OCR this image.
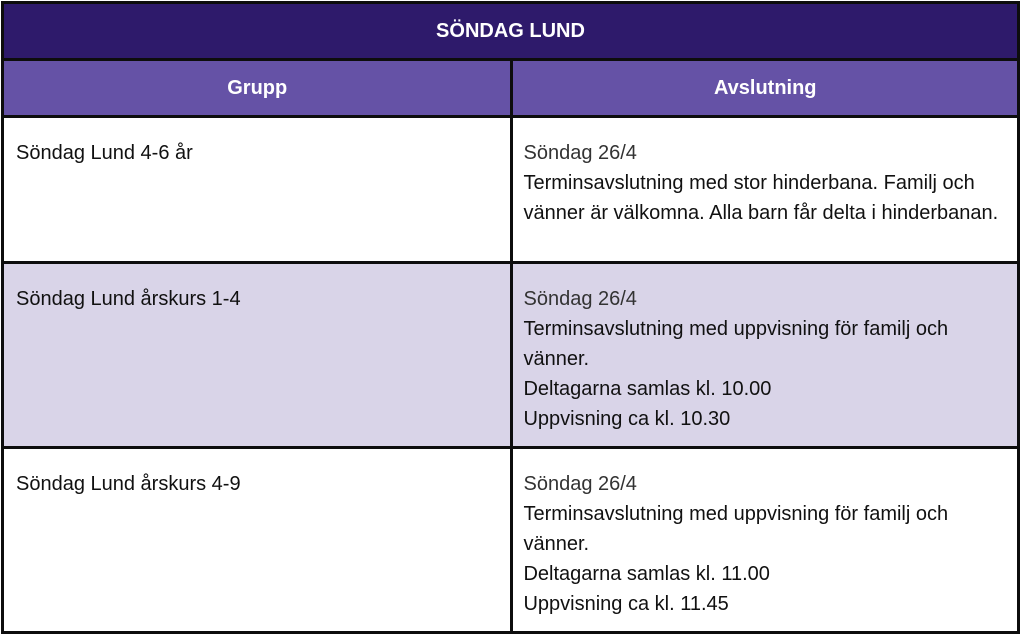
SÖNDAG LUND	
Grupp	Avslutning
Söndag Lund 4-6 år	Söndag 26/4
Terminsavslutning med stor hinderbana. Familj och vänner är välkomna. Alla barn får delta i hinderbanan.

Söndag Lund årskurs 1-4	Söndag 26/4
Terminsavslutning med uppvisning för familj och vänner.
Deltagarna samlas kl. 10.00
Uppvisning ca kl. 10.30

Söndag Lund årskurs 4-9	Söndag 26/4
Terminsavslutning med uppvisning för familj och vänner.
Deltagarna samlas kl. 11.00
Uppvisning ca kl. 11.45
